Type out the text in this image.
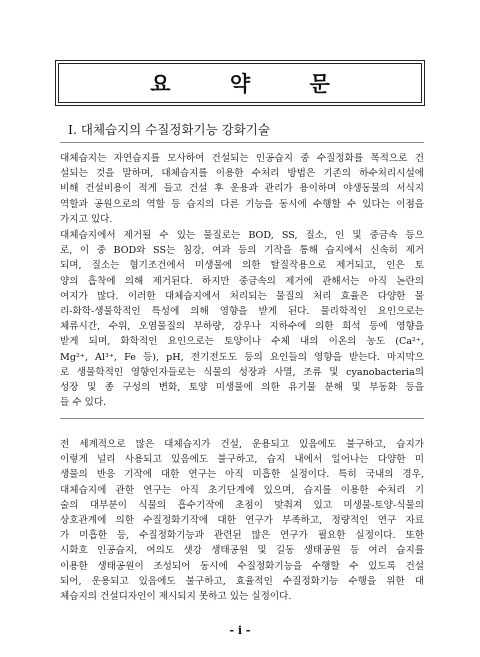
요 약 문
Ⅰ. 대체습지의 수질정화기능 강화기술
대체습지는 자연습지를 모사하여 건설되는 인공습지 중 수질정화를 목적으로 건
설되는 것을 말하며, 대체습지를 이용한 수처리 방법은 기존의 하수처리시설에
비해 건설비용이 적게 들고 건설 후 운용과 관리가 용이하며 야생동물의 서식지
역할과 공원으로의 역할 등 습지의 다른 기능을 동시에 수행할 수 있다는 이점을
가지고 있다.
대체습지에서 제거될 수 있는 물질로는 BOD, SS, 질소, 인 및 중금속 등으
로, 이 중 BOD와 SS는 침강, 여과 등의 기작을 통해 습지에서 신속히 제거
되며, 질소는 혐기조건에서 미생물에 의한 탈질작용으로 제거되고, 인은 토
양의 흡착에 의해 제거된다. 하지만 중금속의 제거에 관해서는 아직 논란의
여지가 많다. 이러한 대체습지에서 처리되는 물질의 처리 효율은 다양한 물
리-화학-생물학적인 특성에 의해 영향을 받게 된다. 물리학적인 요인으로는
체류시간, 수위, 오염물질의 부하량, 강우나 지하수에 의한 희석 등에 영향을
받게 되며, 화학적인 요인으로는 토양이나 수체 내의 이온의 농도 (Ca²⁺,
Mg²⁺, Al³⁺, Fe 등), pH, 전기전도도 등의 요인들의 영향을 받는다. 마지막으
로 생물학적인 영향인자들로는 식물의 성장과 사멸, 조류 및 cyanobacteria의
성장 및 종 구성의 변화, 토양 미생물에 의한 유기물 분해 및 부동화 등을
들 수 있다.
전 세계적으로 많은 대체습지가 건설, 운용되고 있음에도 불구하고, 습지가
이렇게 널리 사용되고 있음에도 불구하고, 습지 내에서 일어나는 다양한 미
생물의 반응 기작에 대한 연구는 아직 미흡한 실정이다. 특히 국내의 경우,
대체습지에 관한 연구는 아직 초기단계에 있으며, 습지를 이용한 수처리 기
술의 대부분이 식물의 흡수기작에 초점이 맞춰져 있고 미생물-토양-식물의
상호관계에 의한 수질정화기작에 대한 연구가 부족하고, 정량적인 연구 자료
가 미흡한 등, 수질정화기능과 관련된 많은 연구가 필요한 실정이다. 또한
시화호 인공습지, 여의도 샛강 생태공원 및 길동 생태공원 등 여러 습지를
이용한 생태공원이 조성되어 동시에 수질정화기능을 수행할 수 있도록 건설
되어, 운용되고 있음에도 불구하고, 효율적인 수질정화기능 수행을 위한 대
체습지의 건설디자인이 제시되지 못하고 있는 실정이다.
- i -
